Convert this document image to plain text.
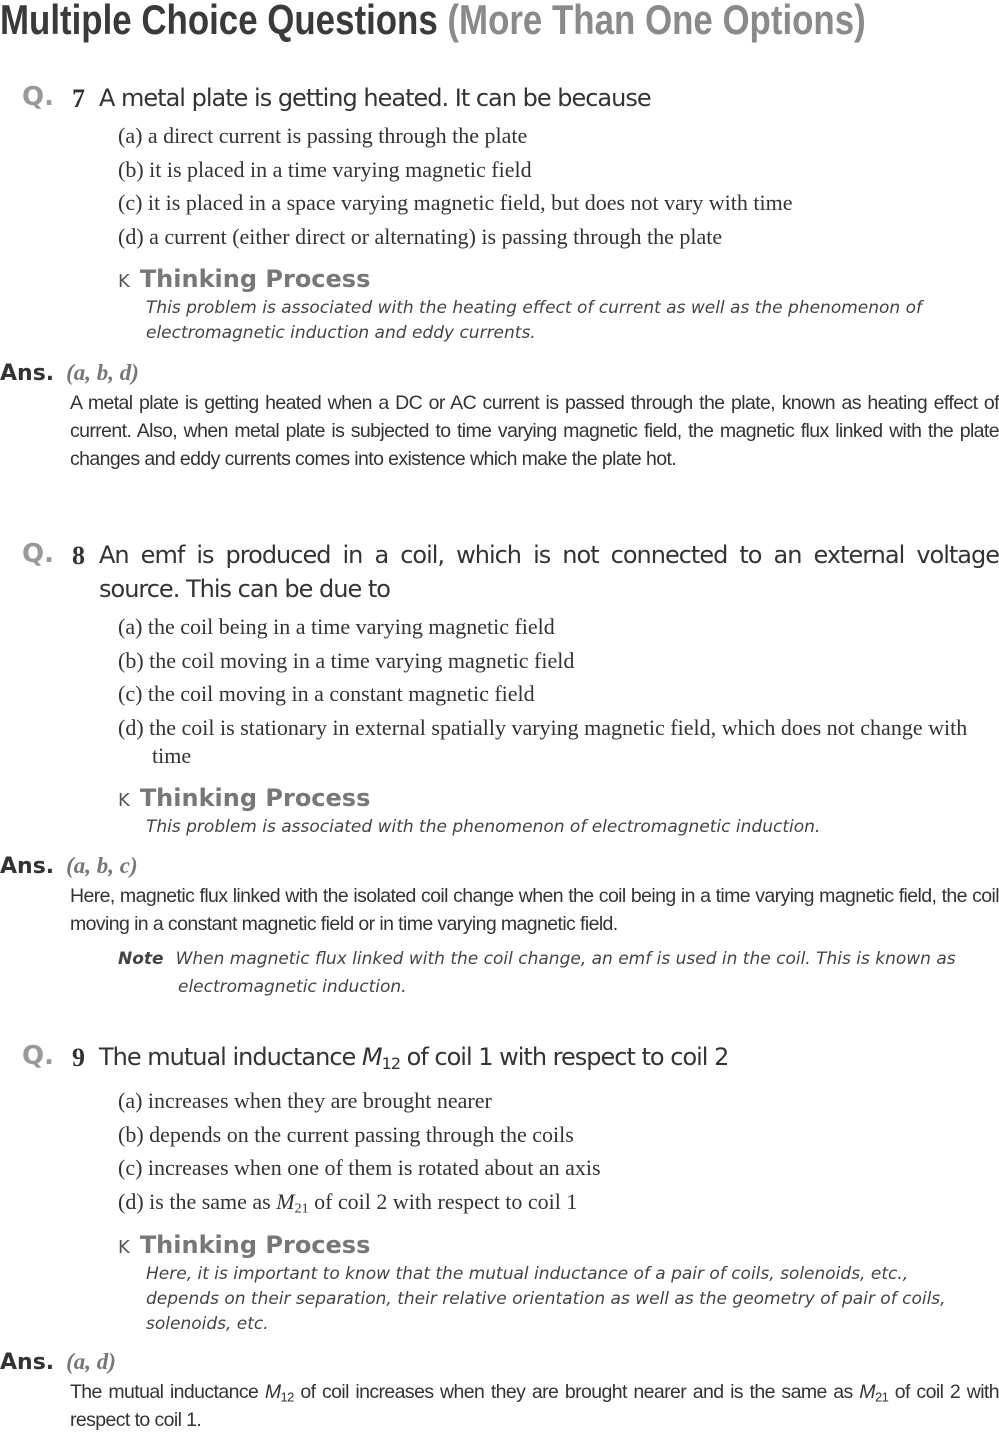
Multiple Choice Questions (More Than One Options)
Q. 7 A metal plate is getting heated. It can be because
(a) a direct current is passing through the plate
(b) it is placed in a time varying magnetic field
(c) it is placed in a space varying magnetic field, but does not vary with time
(d) a current (either direct or alternating) is passing through the plate
K Thinking Process
This problem is associated with the heating effect of current as well as the phenomenon of electromagnetic induction and eddy currents.
Ans. (a, b, d)
A metal plate is getting heated when a DC or AC current is passed through the plate, known as heating effect of current. Also, when metal plate is subjected to time varying magnetic field, the magnetic flux linked with the plate changes and eddy currents comes into existence which make the plate hot.
Q. 8 An emf is produced in a coil, which is not connected to an external voltage source. This can be due to
(a) the coil being in a time varying magnetic field
(b) the coil moving in a time varying magnetic field
(c) the coil moving in a constant magnetic field
(d) the coil is stationary in external spatially varying magnetic field, which does not change with time
K Thinking Process
This problem is associated with the phenomenon of electromagnetic induction.
Ans. (a, b, c)
Here, magnetic flux linked with the isolated coil change when the coil being in a time varying magnetic field, the coil moving in a constant magnetic field or in time varying magnetic field.
Note When magnetic flux linked with the coil change, an emf is used in the coil. This is known as electromagnetic induction.
Q. 9 The mutual inductance $M_{12}$ of coil 1 with respect to coil 2
(a) increases when they are brought nearer
(b) depends on the current passing through the coils
(c) increases when one of them is rotated about an axis
(d) is the same as $M_{21}$ of coil 2 with respect to coil 1
K Thinking Process
Here, it is important to know that the mutual inductance of a pair of coils, solenoids, etc., depends on their separation, their relative orientation as well as the geometry of pair of coils, solenoids, etc.
Ans. (a, d)
The mutual inductance $M_{12}$ of coil increases when they are brought nearer and is the same as $M_{21}$ of coil 2 with respect to coil 1.
